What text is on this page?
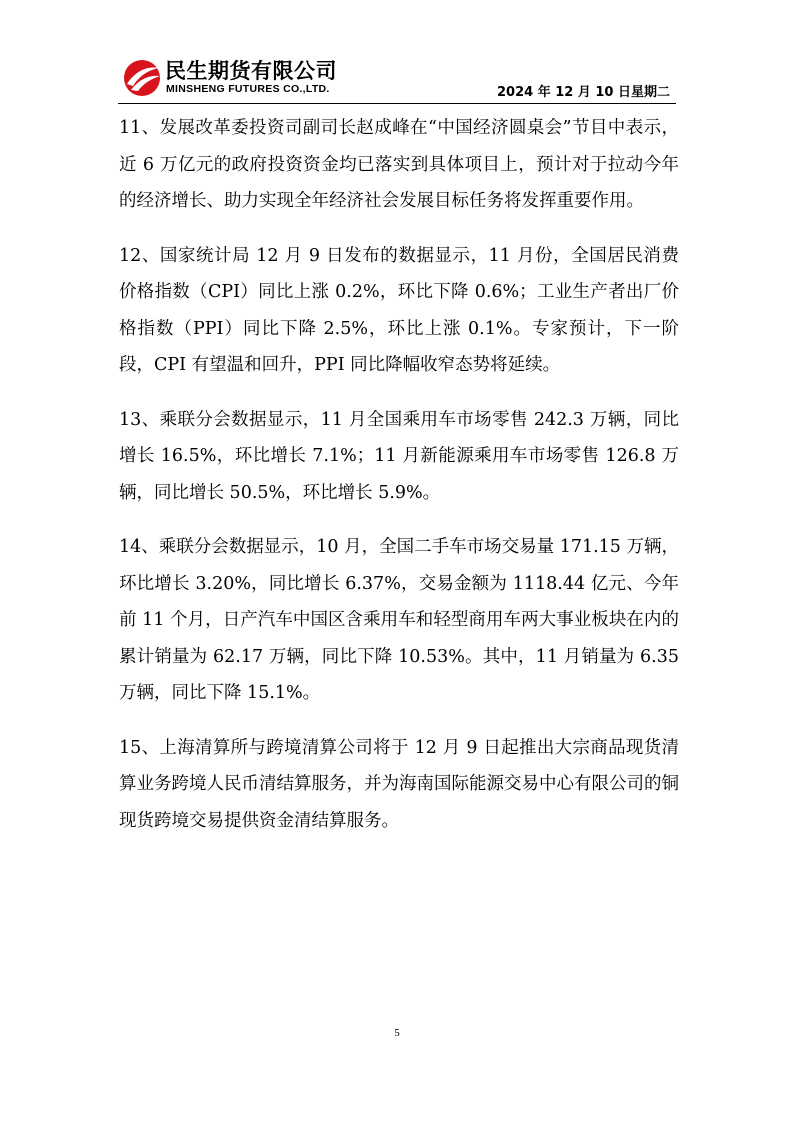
民生期货有限公司
MINSHENG FUTURES CO.,LTD.	2024 年 12 月 10 日星期二

11、发展改革委投资司副司长赵成峰在“中国经济圆桌会”节目中表示，近 6 万亿元的政府投资资金均已落实到具体项目上，预计对于拉动今年的经济增长、助力实现全年经济社会发展目标任务将发挥重要作用。

12、国家统计局 12 月 9 日发布的数据显示，11 月份，全国居民消费价格指数（CPI）同比上涨 0.2%，环比下降 0.6%；工业生产者出厂价格指数（PPI）同比下降 2.5%，环比上涨 0.1%。专家预计，下一阶段，CPI 有望温和回升，PPI 同比降幅收窄态势将延续。

13、乘联分会数据显示，11 月全国乘用车市场零售 242.3 万辆，同比增长 16.5%，环比增长 7.1%；11 月新能源乘用车市场零售 126.8 万辆，同比增长 50.5%，环比增长 5.9%。

14、乘联分会数据显示，10 月，全国二手车市场交易量 171.15 万辆，环比增长 3.20%，同比增长 6.37%，交易金额为 1118.44 亿元、今年前 11 个月，日产汽车中国区含乘用车和轻型商用车两大事业板块在内的累计销量为 62.17 万辆，同比下降 10.53%。其中，11 月销量为 6.35 万辆，同比下降 15.1%。

15、上海清算所与跨境清算公司将于 12 月 9 日起推出大宗商品现货清算业务跨境人民币清结算服务，并为海南国际能源交易中心有限公司的铜现货跨境交易提供资金清结算服务。

5
